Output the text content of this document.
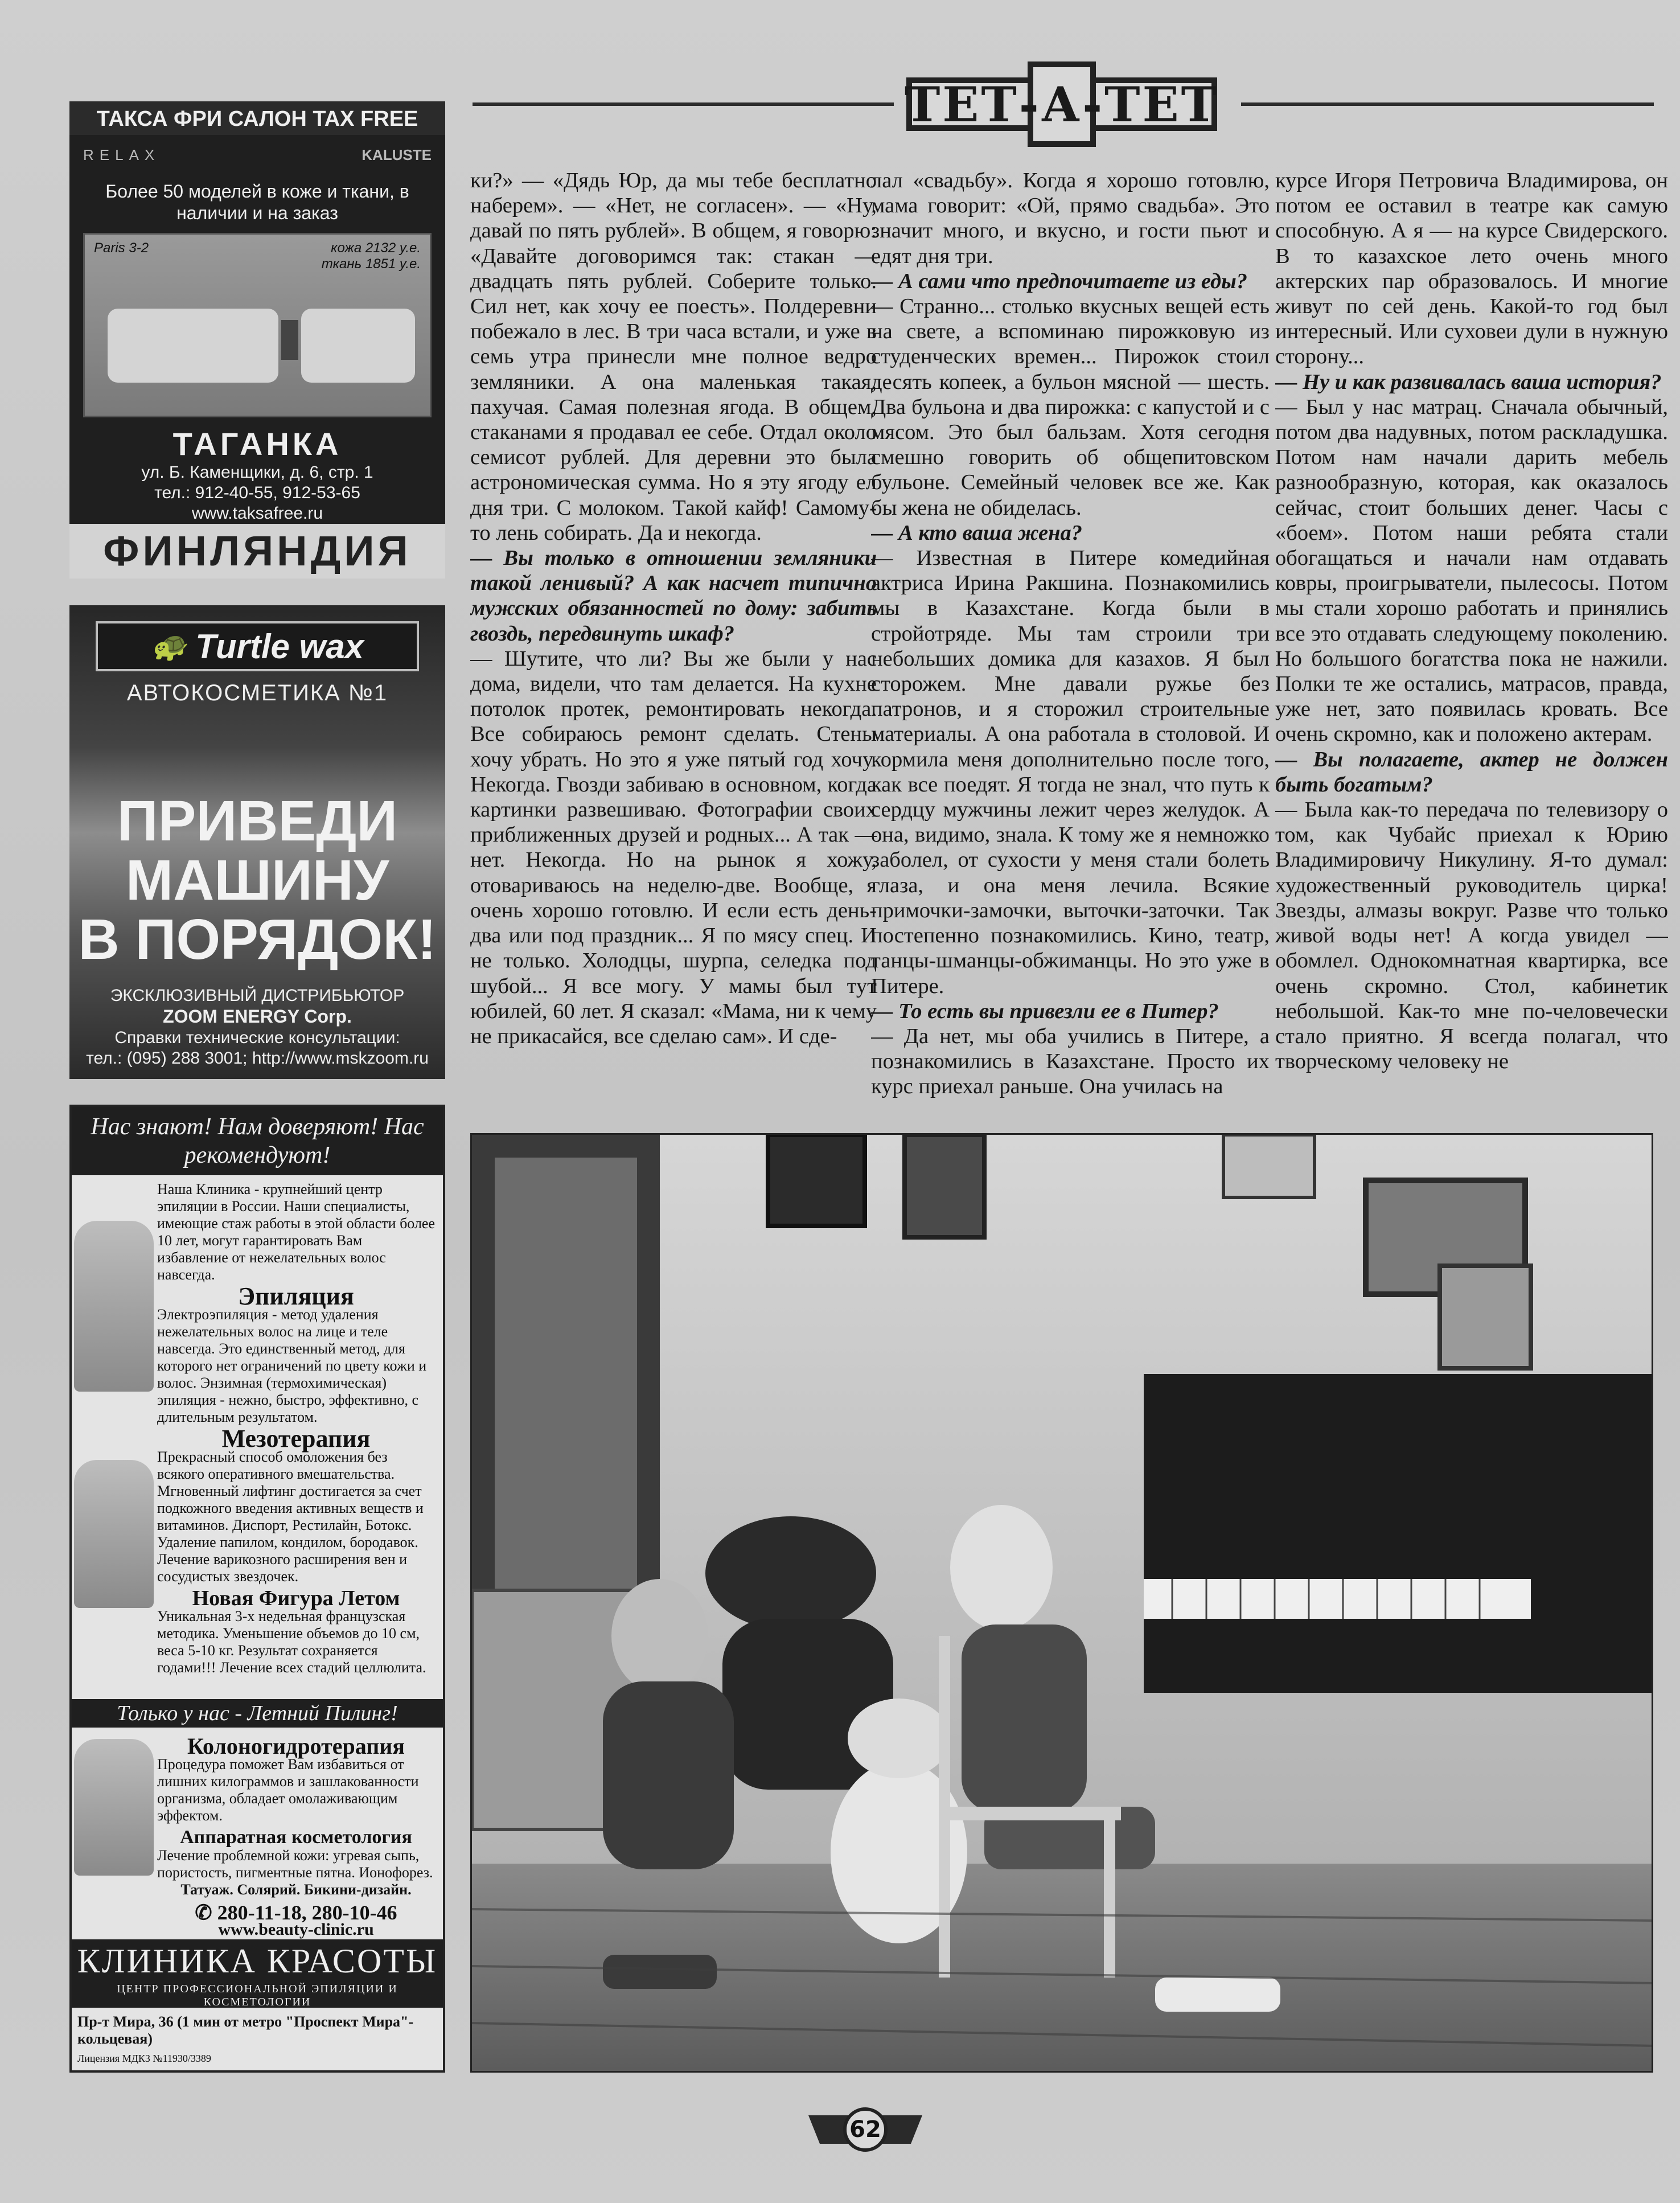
ТЕТ-А-ТЕТ
ТАКСА ФРИ САЛОН TAX FREE
RELAX	KALUSTE
Более 50 моделей в коже и ткани, в наличии и на заказ
Paris 3-2	кожа 2132 у.е.
ткань 1851 у.е.
ТАГАНКА
ул. Б. Каменщики, д. 6, стр. 1
тел.: 912-40-55, 912-53-65
www.taksafree.ru
ФИНЛЯНДИЯ
🐢 Turtle wax
АВТОКОСМЕТИКА №1
ПРИВЕДИ
МАШИНУ
В ПОРЯДОК!
ЭКСКЛЮЗИВНЫЙ ДИСТРИБЬЮТОР
ZOOM ENERGY Corp.
Справки технические консультации:
тел.: (095) 288 3001; http://www.mskzoom.ru
Нас знают! Нам доверяют! Нас рекомендуют!
Наша Клиника - крупнейший центр эпиляции в России. Наши специалисты, имеющие стаж работы в этой области более 10 лет, могут гарантировать Вам избавление от нежелательных волос навсегда.
Эпиляция
Электроэпиляция - метод удаления нежелательных волос на лице и теле навсегда. Это единственный метод, для которого нет ограничений по цвету кожи и волос. Энзимная (термохимическая) эпиляция - нежно, быстро, эффективно, с длительным результатом.
Мезотерапия
Прекрасный способ омоложения без всякого оперативного вмешательства. Мгновенный лифтинг достигается за счет подкожного введения активных веществ и витаминов. Диспорт, Рестилайн, Ботокс.
Удаление папилом, кондилом, бородавок. Лечение варикозного расширения вен и сосудистых звездочек.
Новая Фигура Летом
Уникальная 3-х недельная французская методика. Уменьшение объемов до 10 см, веса 5-10 кг. Результат сохраняется годами!!! Лечение всех стадий целлюлита.
Только у нас - Летний Пилинг!
Колоногидротерапия
Процедура поможет Вам избавиться от лишних килограммов и зашлакованности организма, обладает омолаживающим эффектом.
Аппаратная косметология
Лечение проблемной кожи: угревая сыпь, пористость, пигментные пятна. Ионофорез.
Татуаж. Солярий. Бикини-дизайн.
✆ 280-11-18, 280-10-46
www.beauty-clinic.ru
КЛИНИКА КРАСОТЫ
ЦЕНТР ПРОФЕССИОНАЛЬНОЙ ЭПИЛЯЦИИ И КОСМЕТОЛОГИИ
Пр-т Мира, 36 (1 мин от метро "Проспект Мира"-кольцевая)
Лицензия МДКЗ №11930/3389

ки?» — «Дядь Юр, да мы тебе бесплатно наберем». — «Нет, не согласен». — «Ну, давай по пять рублей». В общем, я говорю: «Давайте договоримся так: стакан — двадцать пять рублей. Соберите только. Сил нет, как хочу ее поесть». Полдеревни побежало в лес. В три часа встали, и уже в семь утра принесли мне полное ведро земляники. А она маленькая такая, пахучая. Самая полезная ягода. В общем, стаканами я продавал ее себе. Отдал около семисот рублей. Для деревни это была астрономическая сумма. Но я эту ягоду ел дня три. С молоком. Такой кайф! Самому-то лень собирать. Да и некогда.

— Вы только в отношении земляники такой ленивый? А как насчет типично мужских обязанностей по дому: забить гвоздь, передвинуть шкаф?

— Шутите, что ли? Вы же были у нас дома, видели, что там делается. На кухне потолок протек, ремонтировать некогда. Все собираюсь ремонт сделать. Стены хочу убрать. Но это я уже пятый год хочу. Некогда. Гвозди забиваю в основном, когда картинки развешиваю. Фотографии своих приближенных друзей и родных... А так — нет. Некогда. Но на рынок я хожу, отовариваюсь на неделю-две. Вообще, я очень хорошо готовлю. И если есть день-два или под праздник... Я по мясу спец. И не только. Холодцы, шурпа, селедка под шубой... Я все могу. У мамы был тут юбилей, 60 лет. Я сказал: «Мама, ни к чему не прикасайся, все сделаю сам». И сде-

лал «свадьбу». Когда я хорошо готовлю, мама говорит: «Ой, прямо свадьба». Это значит много, и вкусно, и гости пьют и едят дня три.

— А сами что предпочитаете из еды?

— Странно... столько вкусных вещей есть на свете, а вспоминаю пирожковую из студенческих времен... Пирожок стоил десять копеек, а бульон мясной — шесть. Два бульона и два пирожка: с капустой и с мясом. Это был бальзам. Хотя сегодня смешно говорить об общепитовском бульоне. Семейный человек все же. Как бы жена не обиделась.

— А кто ваша жена?

— Известная в Питере комедийная актриса Ирина Ракшина. Познакомились мы в Казахстане. Когда были в стройотряде. Мы там строили три небольших домика для казахов. Я был сторожем. Мне давали ружье без патронов, и я сторожил строительные материалы. А она работала в столовой. И кормила меня дополнительно после того, как все поедят. Я тогда не знал, что путь к сердцу мужчины лежит через желудок. А она, видимо, знала. К тому же я немножко заболел, от сухости у меня стали болеть глаза, и она меня лечила. Всякие примочки-замочки, выточки-заточки. Так постепенно познакомились. Кино, театр, танцы-шманцы-обжиманцы. Но это уже в Питере.

— То есть вы привезли ее в Питер?

— Да нет, мы оба учились в Питере, а познакомились в Казахстане. Просто их курс приехал раньше. Она училась на

курсе Игоря Петровича Владимирова, он потом ее оставил в театре как самую способную. А я — на курсе Свидерского. В то казахское лето очень много актерских пар образовалось. И многие живут по сей день. Какой-то год был интересный. Или суховеи дули в нужную сторону...

— Ну и как развивалась ваша история?

— Был у нас матрац. Сначала обычный, потом два надувных, потом раскладушка. Потом нам начали дарить мебель разнообразную, которая, как оказалось сейчас, стоит больших денег. Часы с «боем». Потом наши ребята стали обогащаться и начали нам отдавать ковры, проигрыватели, пылесосы. Потом мы стали хорошо работать и принялись все это отдавать следующему поколению. Но большого богатства пока не нажили. Полки те же остались, матрасов, правда, уже нет, зато появилась кровать. Все очень скромно, как и положено актерам.

— Вы полагаете, актер не должен быть богатым?

— Была как-то передача по телевизору о том, как Чубайс приехал к Юрию Владимировичу Никулину. Я-то думал: художественный руководитель цирка! Звезды, алмазы вокруг. Разве что только живой воды нет! А когда увидел — обомлел. Однокомнатная квартирка, все очень скромно. Стол, кабинетик небольшой. Как-то мне по-человечески стало приятно. Я всегда полагал, что творческому человеку не

62
